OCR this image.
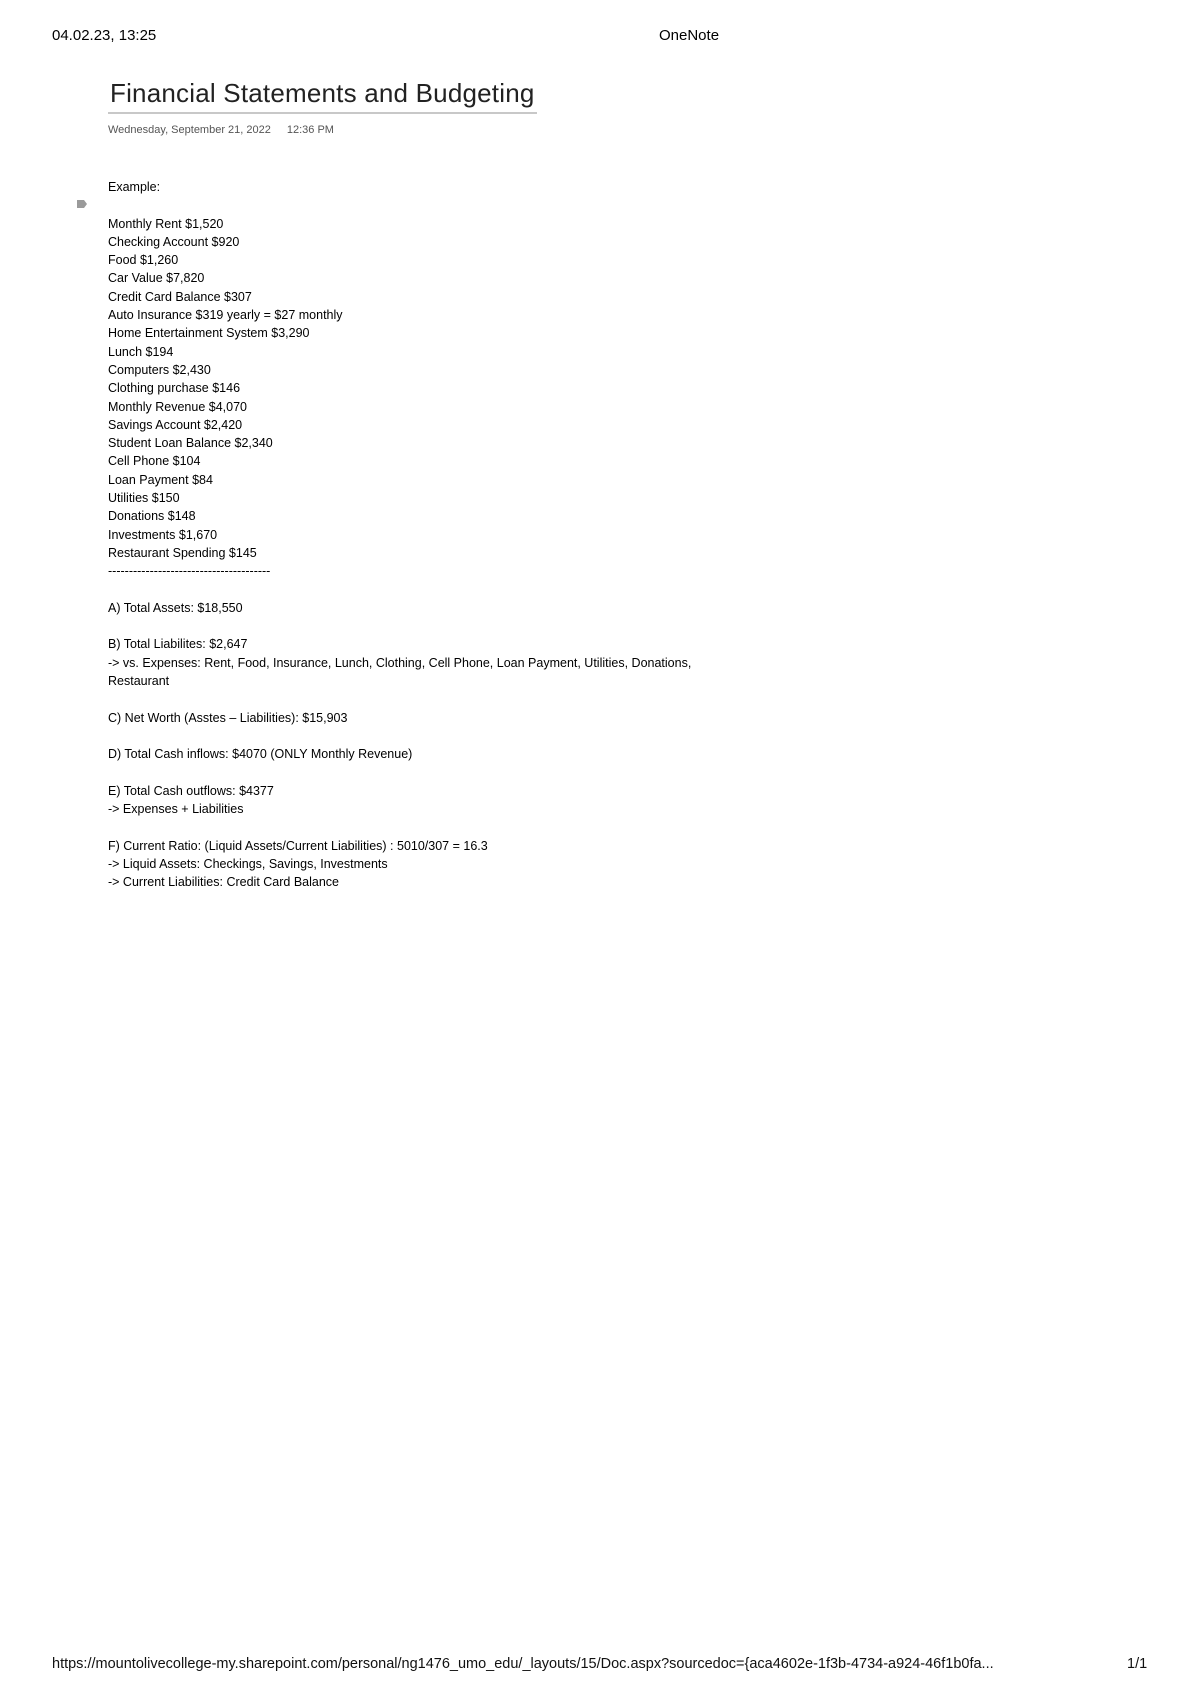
04.02.23, 13:25	OneNote
Financial Statements and Budgeting
Wednesday, September 21, 2022 12:36 PM
Example:
Monthly Rent $1,520
Checking Account $920
Food $1,260
Car Value $7,820
Credit Card Balance $307
Auto Insurance $319 yearly = $27 monthly
Home Entertainment System $3,290
Lunch $194
Computers $2,430
Clothing purchase $146
Monthly Revenue $4,070
Savings Account $2,420
Student Loan Balance $2,340
Cell Phone $104
Loan Payment $84
Utilities $150
Donations $148
Investments $1,670
Restaurant Spending $145
---------------------------------------
A) Total Assets: $18,550
B) Total Liabilites: $2,647
-> vs. Expenses: Rent, Food, Insurance, Lunch, Clothing, Cell Phone, Loan Payment, Utilities, Donations,
Restaurant
C) Net Worth (Asstes – Liabilities): $15,903
D) Total Cash inflows: $4070 (ONLY Monthly Revenue)
E) Total Cash outflows: $4377
-> Expenses + Liabilities
F) Current Ratio: (Liquid Assets/Current Liabilities) : 5010/307 = 16.3
-> Liquid Assets: Checkings, Savings, Investments
-> Current Liabilities: Credit Card Balance
https://mountolivecollege-my.sharepoint.com/personal/ng1476_umo_edu/_layouts/15/Doc.aspx?sourcedoc={aca4602e-1f3b-4734-a924-46f1b0fa...	1/1
